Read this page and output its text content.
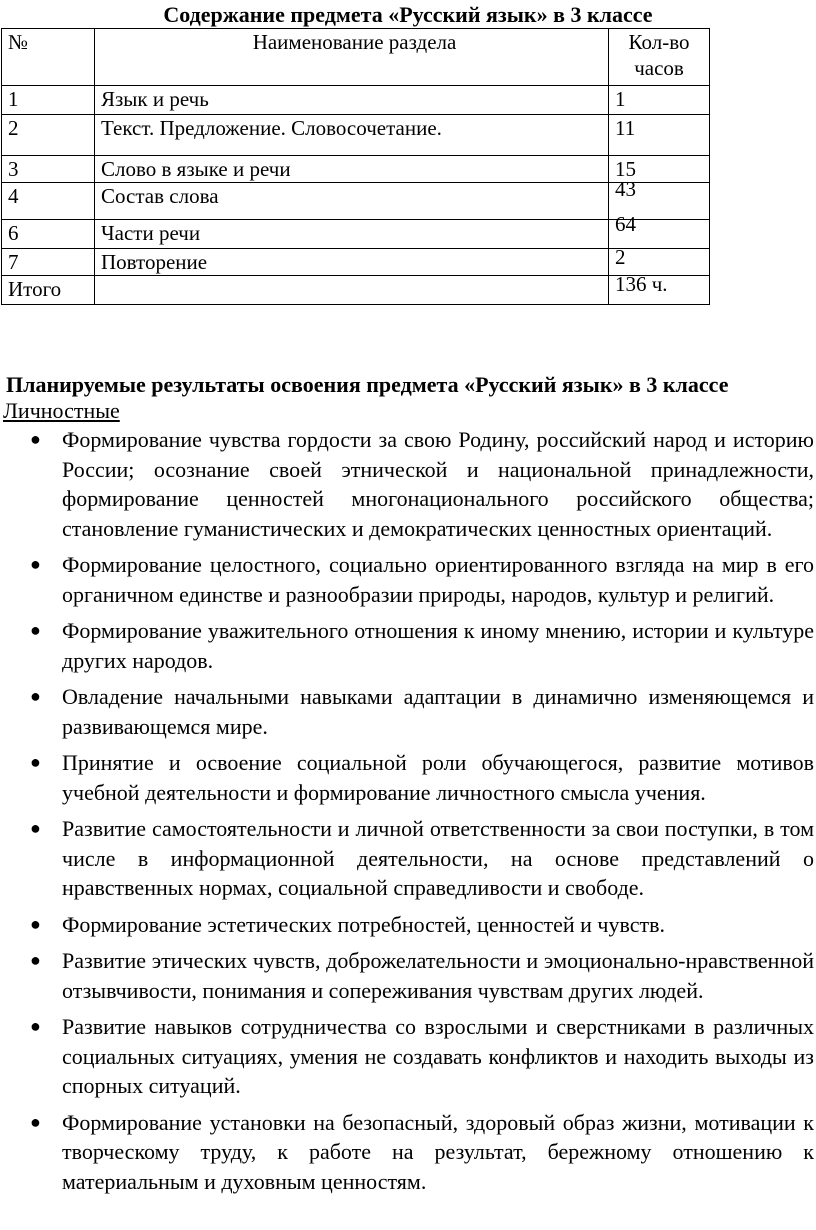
Содержание предмета «Русский язык» в 3 классе
№	Наименование раздела	Кол-во часов
1	Язык и речь	1
2	Текст. Предложение. Словосочетание.	11
3	Слово в языке и речи	15
4	Состав слова	43
6	Части речи	64
7	Повторение	2
Итого		136 ч.
Планируемые результаты освоения предмета «Русский язык» в 3 классе
Личностные
● Формирование чувства гордости за свою Родину, российский народ и историю России; осознание своей этнической и национальной принадлежности, формирование ценностей многонационального российского общества; становление гуманистических и демократических ценностных ориентаций.
● Формирование целостного, социально ориентированного взгляда на мир в его органичном единстве и разнообразии природы, народов, культур и религий.
● Формирование уважительного отношения к иному мнению, истории и культуре других народов.
● Овладение начальными навыками адаптации в динамично изменяющемся и развивающемся мире.
● Принятие и освоение социальной роли обучающегося, развитие мотивов учебной деятельности и формирование личностного смысла учения.
● Развитие самостоятельности и личной ответственности за свои поступки, в том числе в информационной деятельности, на основе представлений о нравственных нормах, социальной справедливости и свободе.
● Формирование эстетических потребностей, ценностей и чувств.
● Развитие этических чувств, доброжелательности и эмоционально-нравственной отзывчивости, понимания и сопереживания чувствам других людей.
● Развитие навыков сотрудничества со взрослыми и сверстниками в различных социальных ситуациях, умения не создавать конфликтов и находить выходы из спорных ситуаций.
● Формирование установки на безопасный, здоровый образ жизни, мотивации к творческому труду, к работе на результат, бережному отношению к материальным и духовным ценностям.
